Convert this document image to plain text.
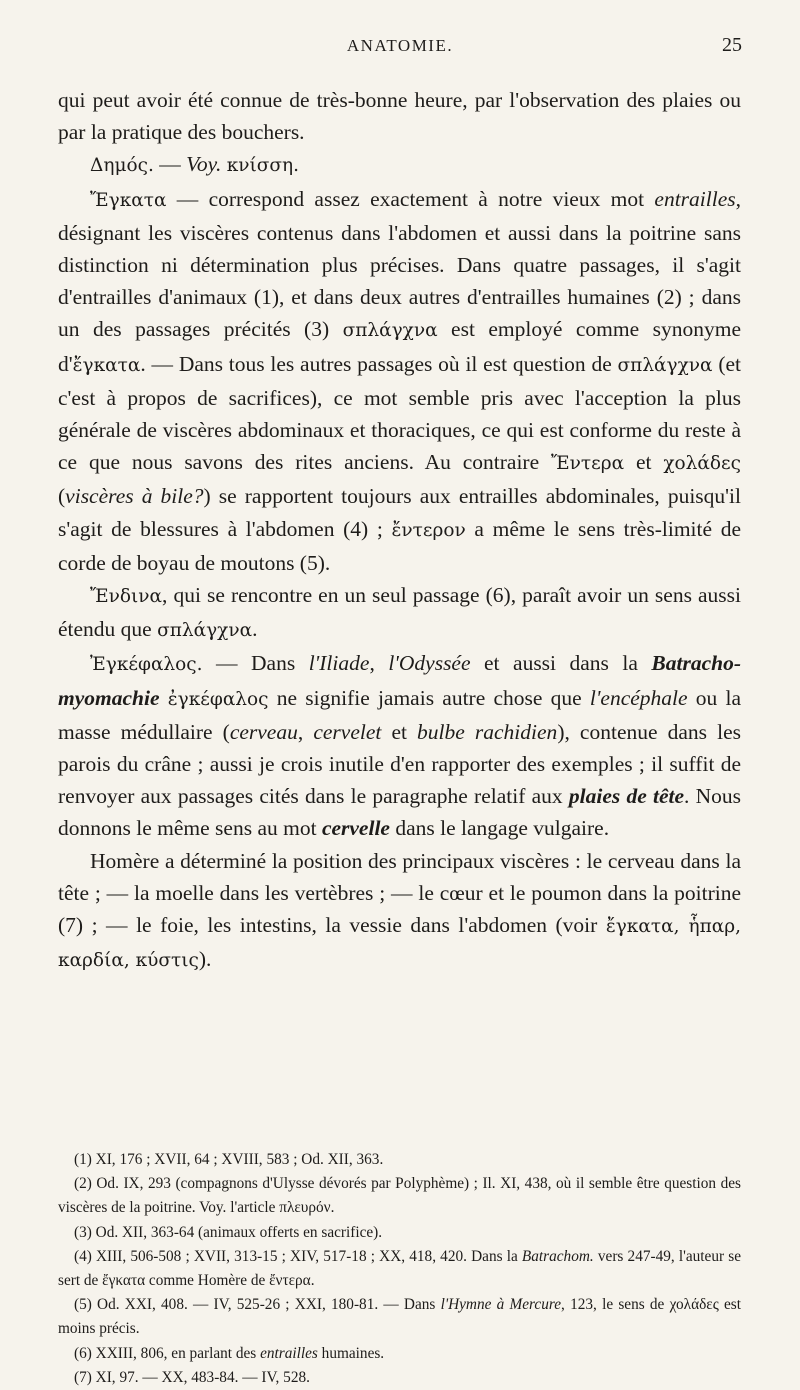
ANATOMIE.	25

qui peut avoir été connue de très-bonne heure, par l'observation des plaies ou par la pratique des bouchers.

Δημός. — Voy. κνίσση.

Ἔγκατα — correspond assez exactement à notre vieux mot entrailles, désignant les viscères contenus dans l'abdomen et aussi dans la poitrine sans distinction ni détermination plus précises. Dans quatre passages, il s'agit d'entrailles d'animaux (1), et dans deux autres d'entrailles humaines (2) ; dans un des passages précités (3) σπλάγχνα est employé comme synonyme d'ἔγκατα. — Dans tous les autres passages où il est question de σπλάγχνα (et c'est à propos de sacrifices), ce mot semble pris avec l'acception la plus générale de viscères abdominaux et thoraciques, ce qui est conforme du reste à ce que nous savons des rites anciens. Au contraire Ἔντερα et χολάδες (viscères à bile?) se rapportent toujours aux entrailles abdominales, puisqu'il s'agit de blessures à l'abdomen (4) ; ἔντερον a même le sens très-limité de corde de boyau de moutons (5).

Ἔνδινα, qui se rencontre en un seul passage (6), paraît avoir un sens aussi étendu que σπλάγχνα.

Ἐγκέφαλος. — Dans l'Iliade, l'Odyssée et aussi dans la Batracho-myomachie ἐγκέφαλος ne signifie jamais autre chose que l'encéphale ou la masse médullaire (cerveau, cervelet et bulbe rachidien), contenue dans les parois du crâne ; aussi je crois inutile d'en rapporter des exemples ; il suffit de renvoyer aux passages cités dans le paragraphe relatif aux plaies de tête. Nous donnons le même sens au mot cervelle dans le langage vulgaire.

Homère a déterminé la position des principaux viscères : le cerveau dans la tête ; — la moelle dans les vertèbres ; — le cœur et le poumon dans la poitrine (7) ; — le foie, les intestins, la vessie dans l'abdomen (voir ἔγκατα, ἧπαρ, καρδία, κύστις).

(1) XI, 176 ; XVII, 64 ; XVIII, 583 ; Od. XII, 363.

(2) Od. IX, 293 (compagnons d'Ulysse dévorés par Polyphème) ; Il. XI, 438, où il semble être question des viscères de la poitrine. Voy. l'article πλευρόν.

(3) Od. XII, 363-64 (animaux offerts en sacrifice).

(4) XIII, 506-508 ; XVII, 313-15 ; XIV, 517-18 ; XX, 418, 420. Dans la Batrachom. vers 247-49, l'auteur se sert de ἔγκατα comme Homère de ἔντερα.

(5) Od. XXI, 408. — IV, 525-26 ; XXI, 180-81. — Dans l'Hymne à Mercure, 123, le sens de χολάδες est moins précis.

(6) XXIII, 806, en parlant des entrailles humaines.

(7) XI, 97. — XX, 483-84. — IV, 528.
